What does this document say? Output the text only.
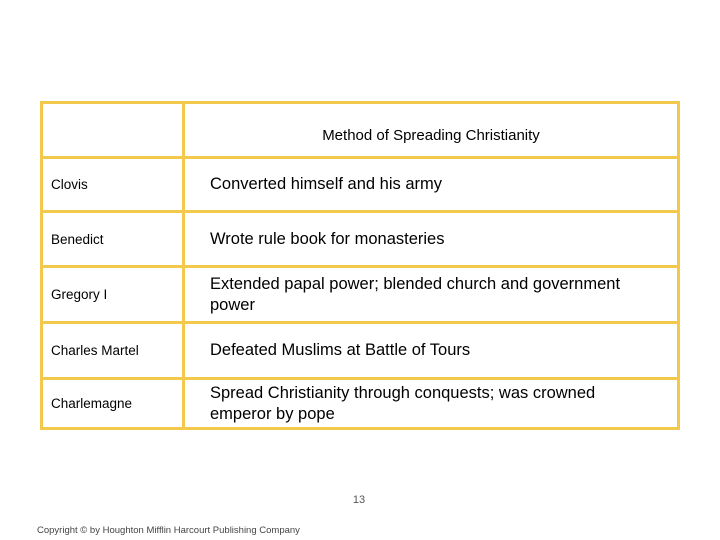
	Method of Spreading Christianity
Clovis	Converted himself and his army
Benedict	Wrote rule book for monasteries
Gregory I	Extended papal power; blended church and government power
Charles Martel	Defeated Muslims at Battle of Tours
Charlemagne	Spread Christianity through conquests; was crowned emperor by pope
13
Copyright © by Houghton Mifflin Harcourt Publishing Company
